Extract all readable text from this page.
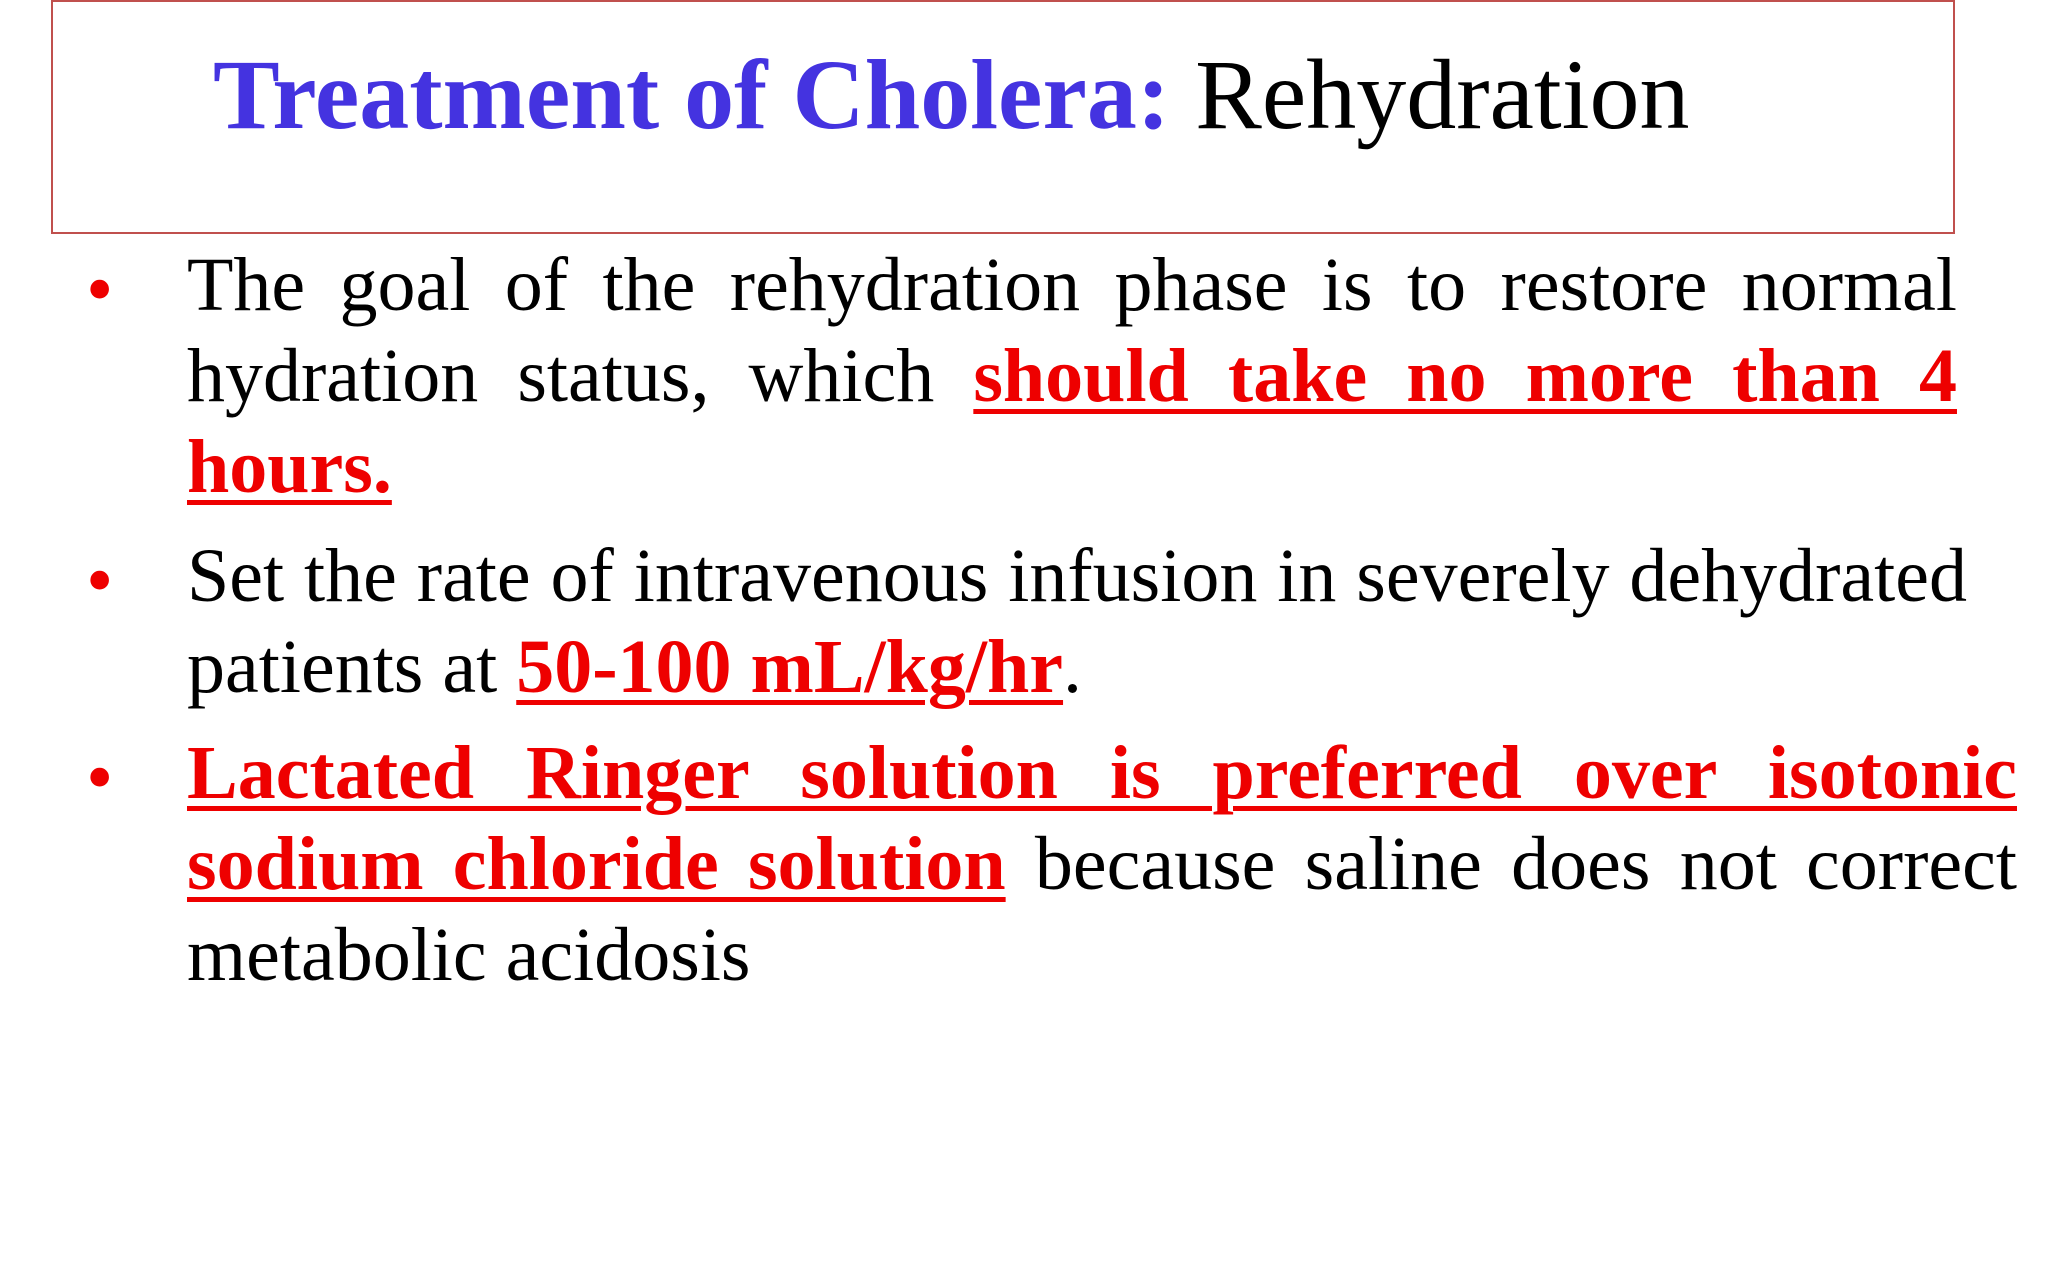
Treatment of Cholera: Rehydration
• The goal of the rehydration phase is to restore normal hydration status, which should take no more than 4 hours.

• Set the rate of intravenous infusion in severely dehydrated patients at 50-100 mL/kg/hr.

• Lactated Ringer solution is preferred over isotonic sodium chloride solution because saline does not correct metabolic acidosis
